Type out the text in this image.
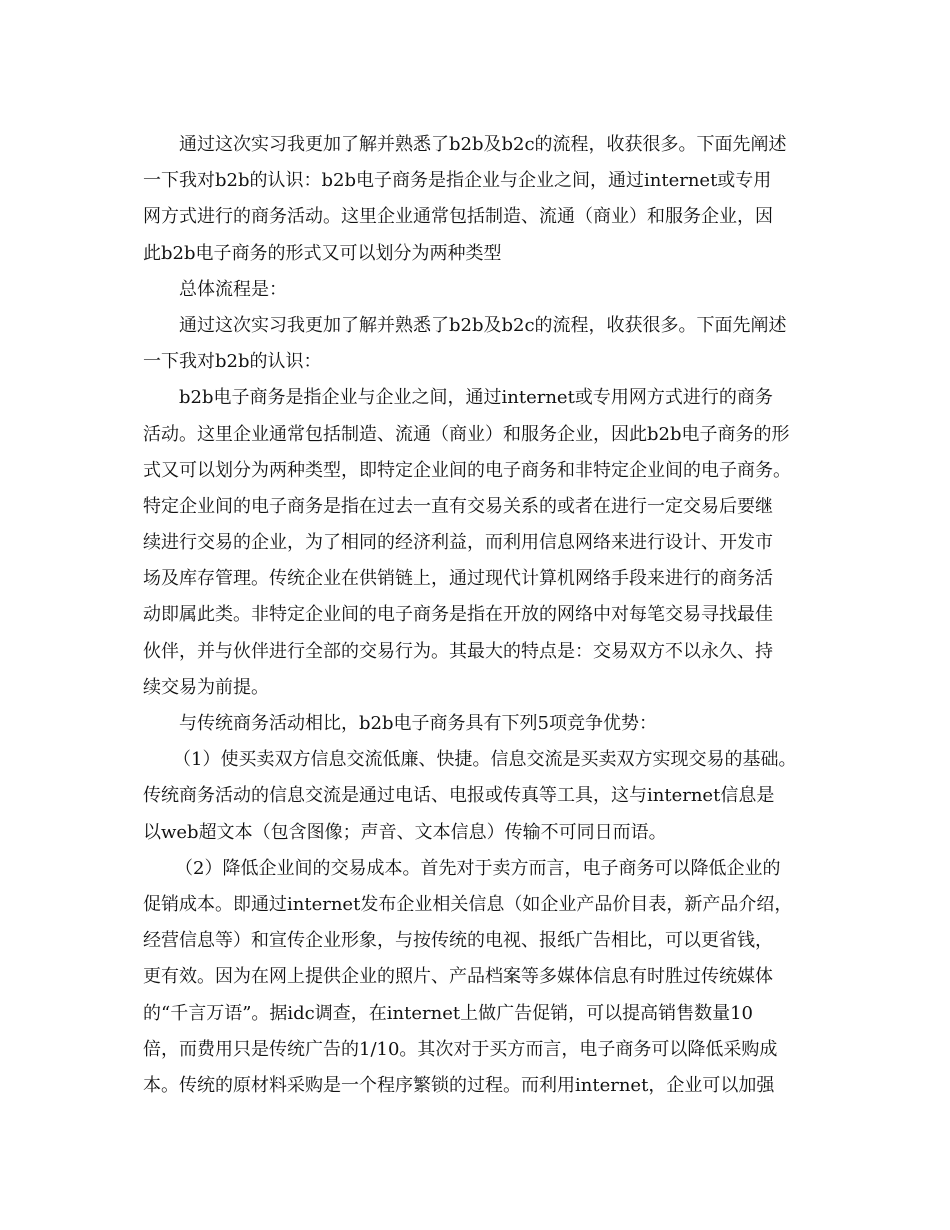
通过这次实习我更加了解并熟悉了b2b及b2c的流程，收获很多。下面先阐述
一下我对b2b的认识：b2b电子商务是指企业与企业之间，通过internet或专用
网方式进行的商务活动。这里企业通常包括制造、流通（商业）和服务企业，因
此b2b电子商务的形式又可以划分为两种类型
总体流程是：
通过这次实习我更加了解并熟悉了b2b及b2c的流程，收获很多。下面先阐述
一下我对b2b的认识：
b2b电子商务是指企业与企业之间，通过internet或专用网方式进行的商务
活动。这里企业通常包括制造、流通（商业）和服务企业，因此b2b电子商务的形
式又可以划分为两种类型，即特定企业间的电子商务和非特定企业间的电子商务。
特定企业间的电子商务是指在过去一直有交易关系的或者在进行一定交易后要继
续进行交易的企业，为了相同的经济利益，而利用信息网络来进行设计、开发市
场及库存管理。传统企业在供销链上，通过现代计算机网络手段来进行的商务活
动即属此类。非特定企业间的电子商务是指在开放的网络中对每笔交易寻找最佳
伙伴，并与伙伴进行全部的交易行为。其最大的特点是：交易双方不以永久、持
续交易为前提。
与传统商务活动相比，b2b电子商务具有下列5项竞争优势：
（1）使买卖双方信息交流低廉、快捷。信息交流是买卖双方实现交易的基础。
传统商务活动的信息交流是通过电话、电报或传真等工具，这与internet信息是
以web超文本（包含图像；声音、文本信息）传输不可同日而语。
（2）降低企业间的交易成本。首先对于卖方而言，电子商务可以降低企业的
促销成本。即通过internet发布企业相关信息（如企业产品价目表，新产品介绍，
经营信息等）和宣传企业形象，与按传统的电视、报纸广告相比，可以更省钱，
更有效。因为在网上提供企业的照片、产品档案等多媒体信息有时胜过传统媒体
的“千言万语”。据idc调查，在internet上做广告促销，可以提高销售数量10
倍，而费用只是传统广告的1/10。其次对于买方而言，电子商务可以降低采购成
本。传统的原材料采购是一个程序繁锁的过程。而利用internet，企业可以加强
